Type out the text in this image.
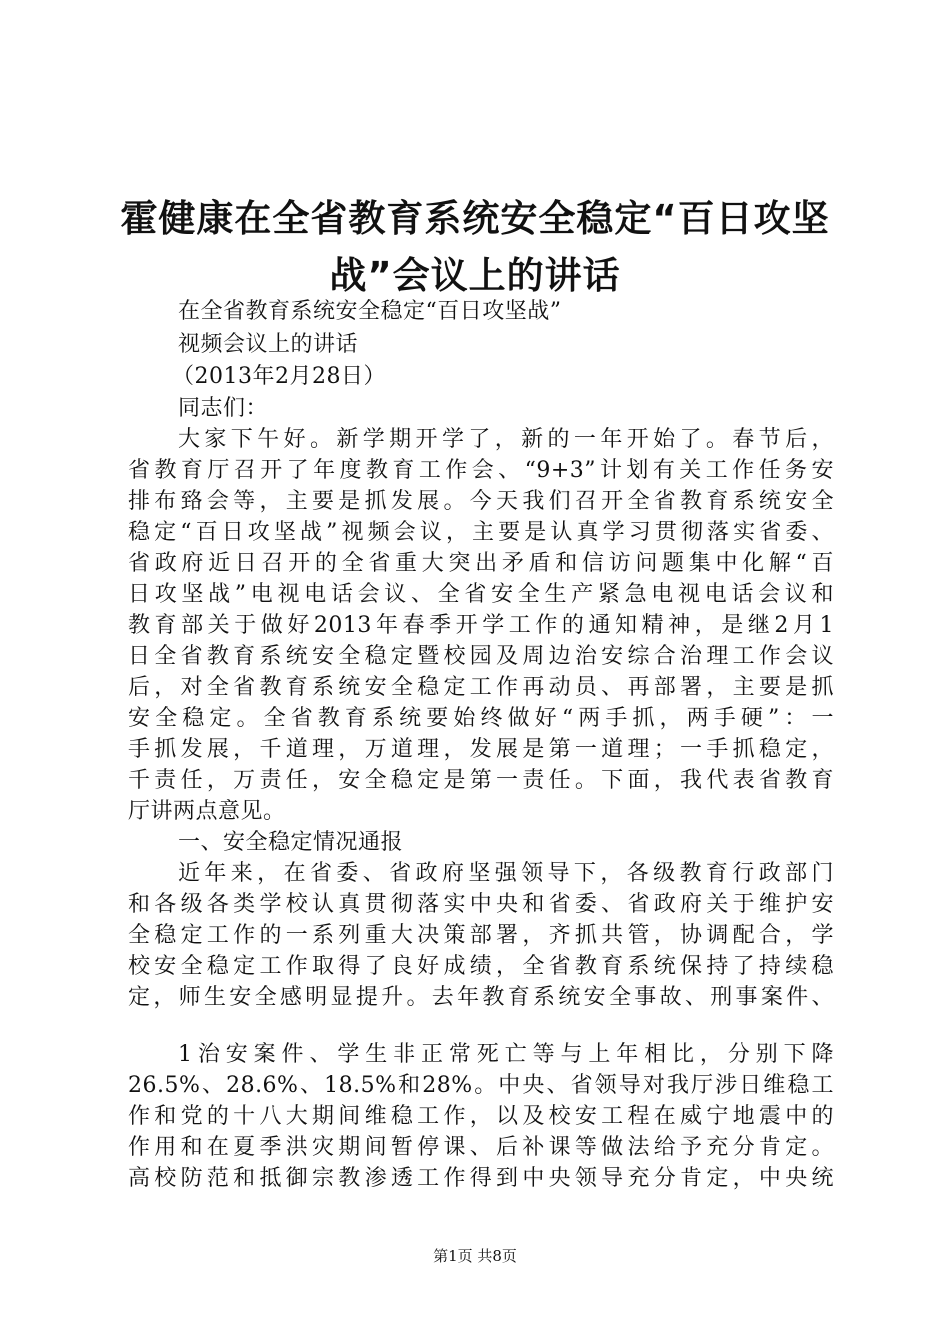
霍健康在全省教育系统安全稳定“百日攻坚
战”会议上的讲话
在全省教育系统安全稳定“百日攻坚战”
视频会议上的讲话
（2013年2月28日）
同志们：
大家下午好。新学期开学了，新的一年开始了。春节后，
省教育厅召开了年度教育工作会、“9+3”计划有关工作任务安
排布臵会等，主要是抓发展。今天我们召开全省教育系统安全
稳定“百日攻坚战”视频会议，主要是认真学习贯彻落实省委、
省政府近日召开的全省重大突出矛盾和信访问题集中化解“百
日攻坚战”电视电话会议、全省安全生产紧急电视电话会议和
教育部关于做好2013年春季开学工作的通知精神，是继2月1
日全省教育系统安全稳定暨校园及周边治安综合治理工作会议
后，对全省教育系统安全稳定工作再动员、再部署，主要是抓
安全稳定。全省教育系统要始终做好“两手抓，两手硬”：一
手抓发展，千道理，万道理，发展是第一道理；一手抓稳定，
千责任，万责任，安全稳定是第一责任。下面，我代表省教育
厅讲两点意见。
一、安全稳定情况通报
近年来，在省委、省政府坚强领导下，各级教育行政部门
和各级各类学校认真贯彻落实中央和省委、省政府关于维护安
全稳定工作的一系列重大决策部署，齐抓共管，协调配合，学
校安全稳定工作取得了良好成绩，全省教育系统保持了持续稳
定，师生安全感明显提升。去年教育系统安全事故、刑事案件、
1治安案件、学生非正常死亡等与上年相比，分别下降
26.5%、28.6%、18.5%和28%。中央、省领导对我厅涉日维稳工
作和党的十八大期间维稳工作，以及校安工程在威宁地震中的
作用和在夏季洪灾期间暂停课、后补课等做法给予充分肯定。
高校防范和抵御宗教渗透工作得到中央领导充分肯定，中央统
第1页 共8页
